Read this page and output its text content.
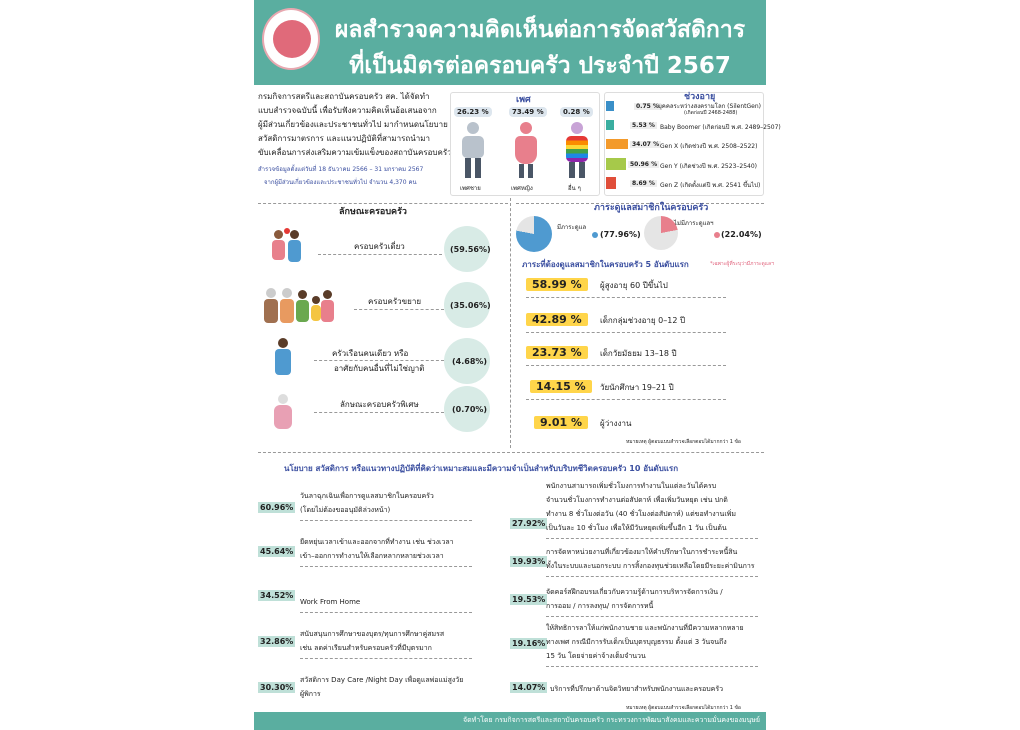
ผลสำรวจความคิดเห็นต่อการจัดสวัสดิการ
ที่เป็นมิตรต่อครอบครัว ประจำปี 2567
กรมกิจการสตรีและสถาบันครอบครัว สค. ได้จัดทำ
แบบสำรวจฉบับนี้ เพื่อรับฟังความคิดเห็นอ้อเสนอจาก
ผู้มีส่วนเกี่ยวข้องและประชาชนทั่วไป มากำหนดนโยบาย
สวัสดิการมาตรการ และแนวปฏิบัติที่สามารถนำมา
ขับเคลื่อนการส่งเสริมความเข้มแข็งของสถาบันครอบครัว
สำรวจข้อมูลตั้งแต่วันที่ 18 ธันวาคม 2566 – 31 มกราคม 2567
จากผู้มีส่วนเกี่ยวข้องและประชาชนทั่วไป จำนวน 4,370 คน
เพศ
26.23 %	73.49 %	0.28 %
เพศชาย	เพศหญิง	อื่น ๆ
ช่วงอายุ
0.75 % บุคคลระหว่างสงครามโลก (SilentGen)
(เกิดก่อนปี 2468-2488)
5.53 % Baby Boomer (เกิดก่อนปี พ.ศ. 2489–2507)
34.07 % Gen X (เกิดช่วงปี พ.ศ. 2508–2522)
50.96 % Gen Y (เกิดช่วงปี พ.ศ. 2523–2540)
8.69 % Gen Z (เกิดตั้งแต่ปี พ.ศ. 2541 ขึ้นไป)
ลักษณะครอบครัว
ครอบครัวเดี่ยว	(59.56%)
ครอบครัวขยาย	(35.06%)
ครัวเรือนคนเดียว หรือ
อาศัยกับคนอื่นที่ไม่ใช่ญาติ
(4.68%)
ลักษณะครอบครัวพิเศษ
(0.70%)
ภาระดูแลสมาชิกในครอบครัว
มีภาระดูแล
(77.96%)
ไม่มีภาระดูแลฯ
(22.04%)
ภาระที่ต้องดูแลสมาชิกในครอบครัว 5 อันดับแรก	*เฉพาะผู้ที่ระบุว่ามีภาระดูแลฯ
58.99 %	ผู้สูงอายุ 60 ปีขึ้นไป
42.89 %	เด็กกลุ่มช่วงอายุ 0–12 ปี
23.73 %	เด็กวัยมัธยม 13–18 ปี
14.15 %	วัยนักศึกษา 19–21 ปี
9.01 %	ผู้ว่างงาน
หมายเหตุ ผู้ตอบแบบสำรวจเลือกตอบได้มากกว่า 1 ข้อ
นโยบาย สวัสดิการ หรือแนวทางปฏิบัติที่คิดว่าเหมาะสมและมีความจำเป็นสำหรับบริบทชีวิตครอบครัว 10 อันดับแรก
60.96%
วันลาฉุกเฉินเพื่อการดูแลสมาชิกในครอบครัว
(โดยไม่ต้องขออนุมัติล่วงหน้า)
45.64%
ยืดหยุ่นเวลาเข้าและออกจากที่ทำงาน เช่น ช่วงเวลา
เข้า–ออกการทำงานให้เลือกหลากหลายช่วงเวลา
34.52%
Work From Home
32.86%
สนับสนุนการศึกษาของบุตร/ทุนการศึกษาคู่สมรส
เช่น ลดค่าเรียนสำหรับครอบครัวที่มีบุตรมาก
30.30%
สวัสดิการ Day Care /Night Day เพื่อดูแลพ่อแม่สูงวัย
ผู้พิการ
27.92%
พนักงานสามารถเพิ่มชั่วโมงการทำงานในแต่ละวันได้ครบ
จำนวนชั่วโมงการทำงานต่อสัปดาห์ เพื่อเพิ่มวันหยุด เช่น ปกติ
ทำงาน 8 ชั่วโมงต่อวัน (40 ชั่วโมงต่อสัปดาห์) แต่ขอทำงานเพิ่ม
เป็นวันละ 10 ชั่วโมง เพื่อให้มีวันหยุดเพิ่มขึ้นอีก 1 วัน เป็นต้น
19.93%
การจัดหาหน่วยงานที่เกี่ยวข้องมาให้คำปรึกษาในการชำระหนี้สิน
ทั้งในระบบและนอกระบบ การสิ้งกองทุนช่วยเหลือโดยมีระยะค่ามินการ
19.53%
จัดคอร์สฝึกอบรมเกี่ยวกับความรู้ด้านการบริหารจัดการเงิน /
การออม / การลงทุน/ การจัดการหนี้
19.16%
ให้สิทธิการลาให้แก่พนักงานชาย และพนักงานที่มีความหลากหลาย
ทางเพศ กรณีมีการรับเด็กเป็นบุตรบุญธรรม ตั้งแต่ 3 วันจนถึง
15 วัน โดยจ่ายค่าจ้างเต็มจำนวน
14.07% บริการที่ปรึกษาด้านจิตวิทยาสำหรับพนักงานและครอบครัว
หมายเหตุ ผู้ตอบแบบสำรวจเลือกตอบได้มากกว่า 1 ข้อ
จัดทำโดย กรมกิจการสตรีและสถาบันครอบครัว กระทรวงการพัฒนาสังคมและความมั่นคงของมนุษย์
